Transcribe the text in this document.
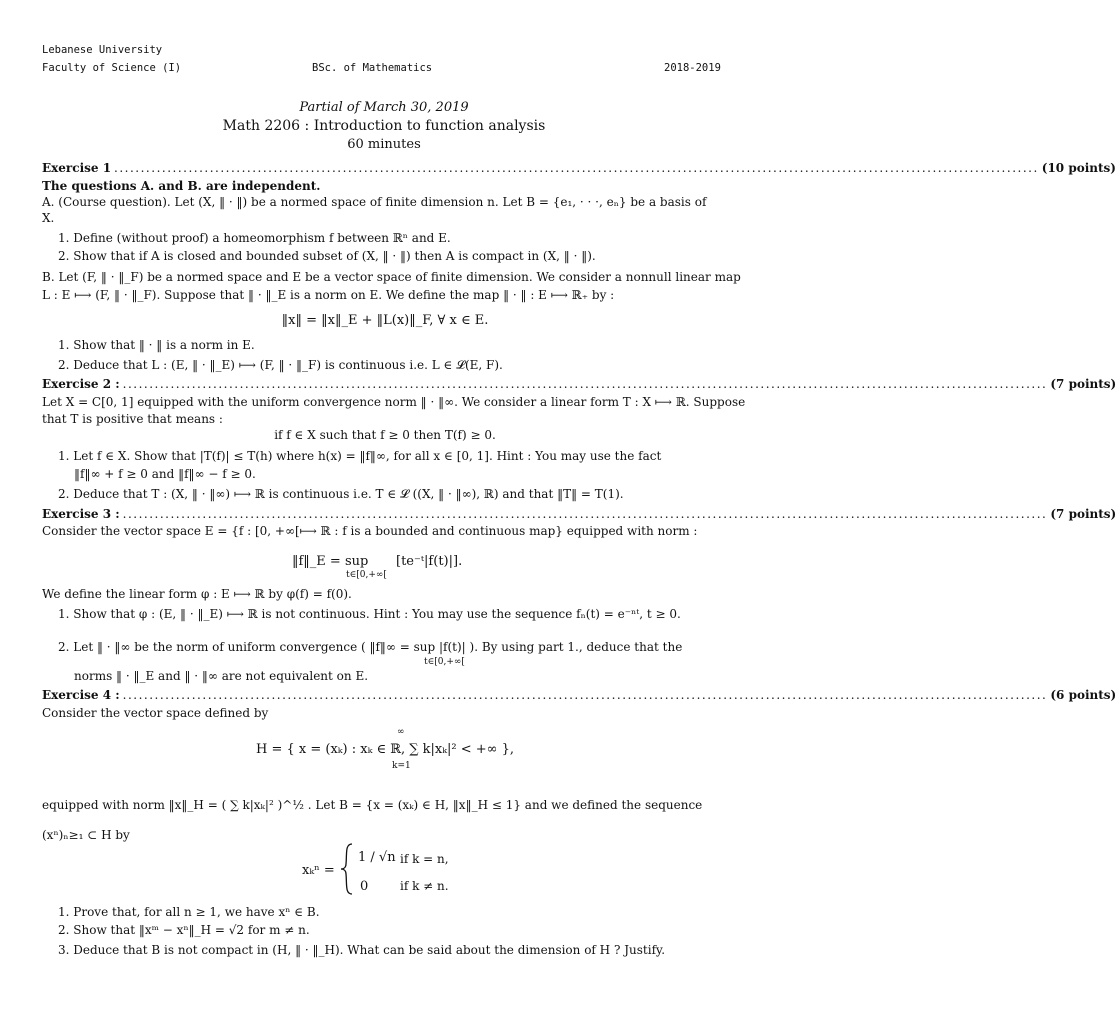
Lebanese University
Faculty of Science (I)	BSc. of Mathematics	2018-2019
Partial of March 30, 2019
Math 2206 : Introduction to function analysis
60 minutes
Exercise 1 .............................................................................................................................................................................. (10 points)
The questions A. and B. are independent.
A. (Course question). Let (X, ‖ · ‖) be a normed space of finite dimension n. Let B = {e₁, · · ·, eₙ} be a basis of
X.
1. Define (without proof) a homeomorphism f between ℝⁿ and E.
2. Show that if A is closed and bounded subset of (X, ‖ · ‖) then A is compact in (X, ‖ · ‖).
B. Let (F, ‖ · ‖_F) be a normed space and E be a vector space of finite dimension. We consider a nonnull linear map
L : E ⟼ (F, ‖ · ‖_F). Suppose that ‖ · ‖_E is a norm on E. We define the map ‖ · ‖ : E ⟼ ℝ₊ by :
‖x‖ = ‖x‖_E + ‖L(x)‖_F, ∀ x ∈ E.
1. Show that ‖ · ‖ is a norm in E.
2. Deduce that L : (E, ‖ · ‖_E) ⟼ (F, ‖ · ‖_F) is continuous i.e. L ∈ 𝓛(E, F).
Exercise 2 : .............................................................................................................................................................................. (7 points)
Let X = C[0, 1] equipped with the uniform convergence norm ‖ · ‖∞. We consider a linear form T : X ⟼ ℝ. Suppose
that T is positive that means :
if f ∈ X such that f ≥ 0 then T(f) ≥ 0.
1. Let f ∈ X. Show that |T(f)| ≤ T(h) where h(x) = ‖f‖∞, for all x ∈ [0, 1]. Hint : You may use the fact
‖f‖∞ + f ≥ 0 and ‖f‖∞ − f ≥ 0.
2. Deduce that T : (X, ‖ · ‖∞) ⟼ ℝ is continuous i.e. T ∈ 𝓛 ((X, ‖ · ‖∞), ℝ) and that ‖T‖ = T(1).
Exercise 3 : .............................................................................................................................................................................. (7 points)
Consider the vector space E = {f : [0, +∞[⟼ ℝ : f is a bounded and continuous map} equipped with norm :
‖f‖_E = sup
t∈[0,+∞[
[te⁻ᵗ|f(t)|].
We define the linear form φ : E ⟼ ℝ by φ(f) = f(0).
1. Show that φ : (E, ‖ · ‖_E) ⟼ ℝ is not continuous. Hint : You may use the sequence fₙ(t) = e⁻ⁿᵗ, t ≥ 0.
2. Let ‖ · ‖∞ be the norm of uniform convergence ( ‖f‖∞ = sup |f(t)| ). By using part 1., deduce that the
t∈[0,+∞[
norms ‖ · ‖_E and ‖ · ‖∞ are not equivalent on E.
Exercise 4 : .............................................................................................................................................................................. (6 points)
Consider the vector space defined by
∞
H = { x = (xₖ) : xₖ ∈ ℝ, ∑ k|xₖ|² < +∞ },
k=1
equipped with norm ‖x‖_H = ( ∑ k|xₖ|² )^½ . Let B = {x = (xₖ) ∈ H, ‖x‖_H ≤ 1} and we defined the sequence
(xⁿ)ₙ≥₁ ⊂ H by
xₖⁿ =
1 / √n if k = n,
0	if k ≠ n.
1. Prove that, for all n ≥ 1, we have xⁿ ∈ B.
2. Show that ‖xᵐ − xⁿ‖_H = √2 for m ≠ n.
3. Deduce that B is not compact in (H, ‖ · ‖_H). What can be said about the dimension of H ? Justify.
